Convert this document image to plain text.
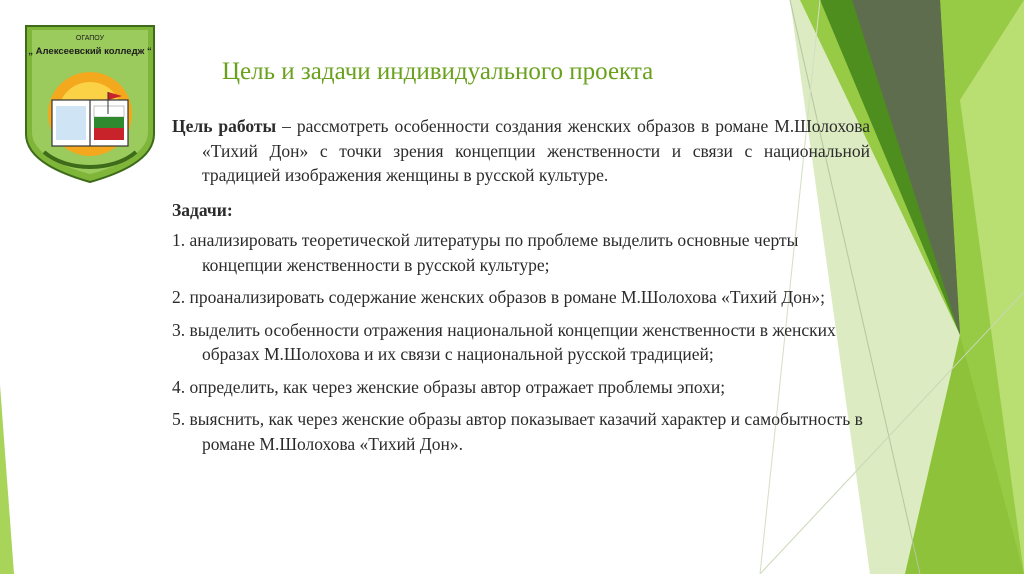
ОГАПОУ
„ Алексеевский колледж “
Цель и задачи индивидуального проекта

Цель работы – рассмотреть особенности создания женских образов в романе М.Шолохова «Тихий Дон» с точки зрения концепции женственности и связи с национальной традицией изображения женщины в русской культуре.

Задачи:

1. анализировать теоретической литературы по проблеме выделить основные черты концепции женственности в русской культуре;
2. проанализировать содержание женских образов в романе М.Шолохова «Тихий Дон»;
3. выделить особенности отражения национальной концепции женственности в женских образах М.Шолохова и их связи с национальной русской традицией;
4. определить, как через женские образы автор отражает проблемы эпохи;
5. выяснить, как через женские образы автор показывает казачий характер и самобытность в романе М.Шолохова «Тихий Дон».
